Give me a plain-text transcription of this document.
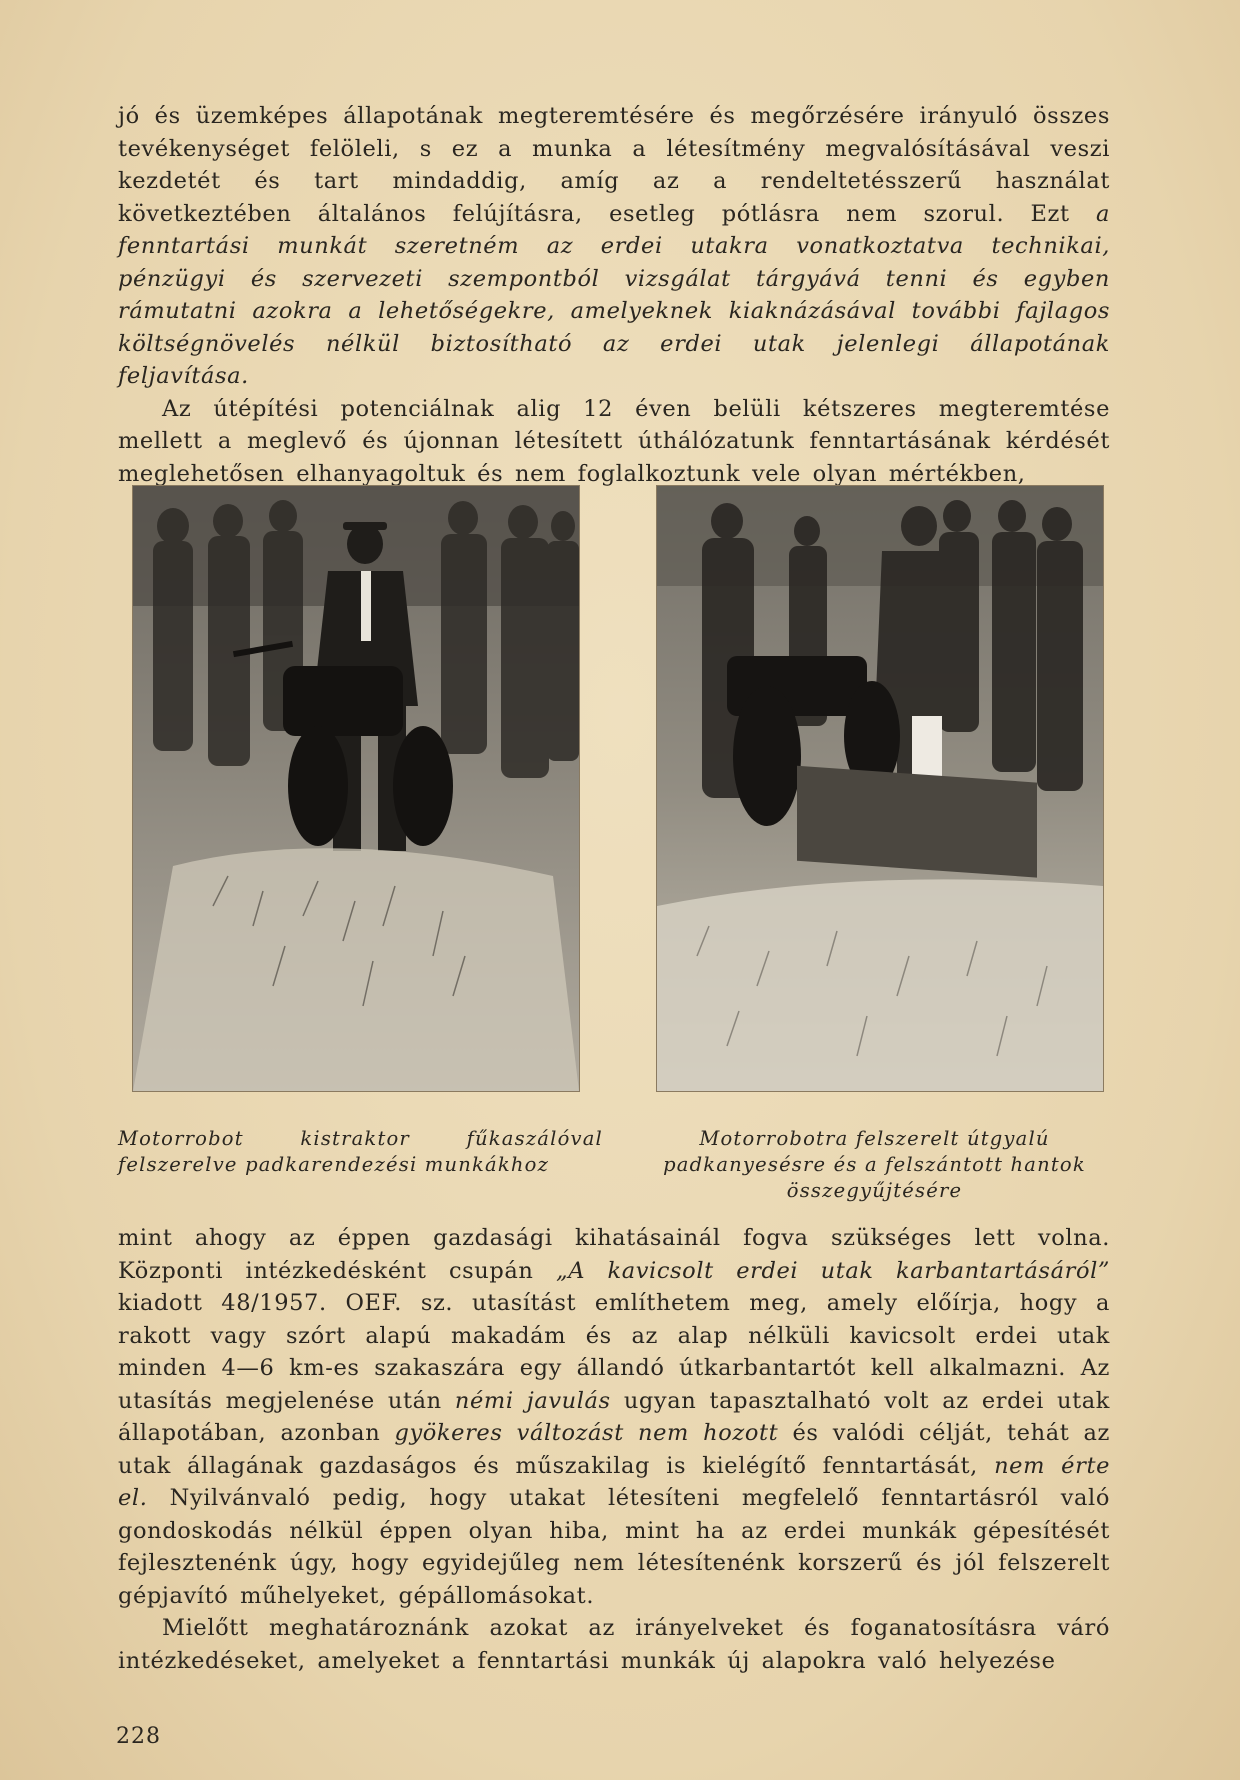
jó és üzemképes állapotának megteremtésére és megőrzésére irányuló összes tevékenységet felöleli, s ez a munka a létesítmény megvalósításával veszi kezdetét és tart mindaddig, amíg az a rendeltetésszerű használat következtében általános felújításra, esetleg pótlásra nem szorul. Ezt a fenntartási munkát szeretném az erdei utakra vonatkoztatva technikai, pénzügyi és szervezeti szempontból vizsgálat tárgyává tenni és egyben rámutatni azokra a lehetőségekre, amelyeknek kiaknázásával további fajlagos költségnövelés nélkül biztosítható az erdei utak jelenlegi állapotának feljavítása.

Az útépítési potenciálnak alig 12 éven belüli kétszeres megteremtése mellett a meglevő és újonnan létesített úthálózatunk fenntartásának kérdését meglehetősen elhanyagoltuk és nem foglalkoztunk vele olyan mértékben,

Motorrobot kistraktor fűkaszálóval felszerelve padkarendezési munkákhoz

Motorrobotra felszerelt útgyalú padkanyesésre és a felszántott hantok összegyűjtésére

mint ahogy az éppen gazdasági kihatásainál fogva szükséges lett volna. Központi intézkedésként csupán „A kavicsolt erdei utak karbantartásáról” kiadott 48/1957. OEF. sz. utasítást említhetem meg, amely előírja, hogy a rakott vagy szórt alapú makadám és az alap nélküli kavicsolt erdei utak minden 4—6 km-es szakaszára egy állandó útkarbantartót kell alkalmazni. Az utasítás megjelenése után némi javulás ugyan tapasztalható volt az erdei utak állapotában, azonban gyökeres változást nem hozott és valódi célját, tehát az utak állagának gazdaságos és műszakilag is kielégítő fenntartását, nem érte el. Nyilvánvaló pedig, hogy utakat létesíteni megfelelő fenntartásról való gondoskodás nélkül éppen olyan hiba, mint ha az erdei munkák gépesítését fejlesztenénk úgy, hogy egyidejűleg nem létesítenénk korszerű és jól felszerelt gépjavító műhelyeket, gépállomásokat.

Mielőtt meghatároznánk azokat az irányelveket és foganatosításra váró intézkedéseket, amelyeket a fenntartási munkák új alapokra való helyezése

228
